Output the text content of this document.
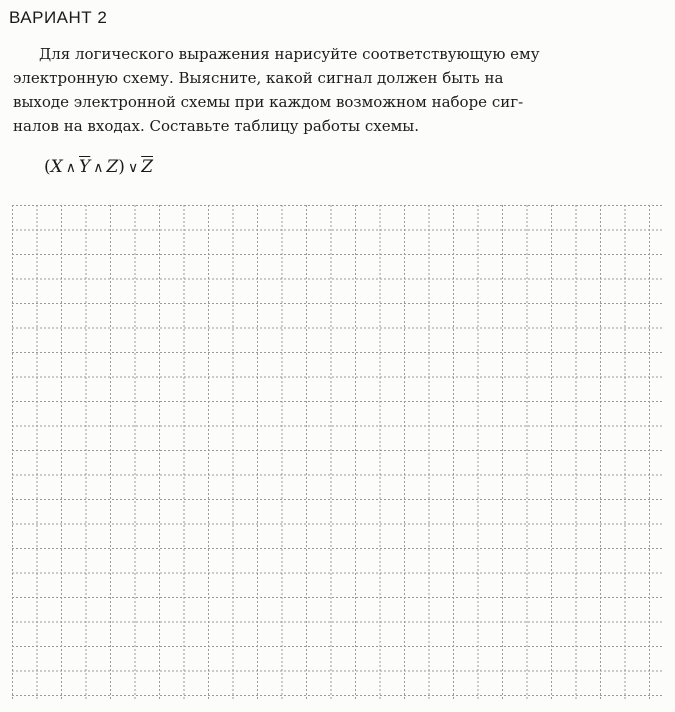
ВАРИАНТ 2
Для логического выражения нарисуйте соответствующую ему
электронную схему. Выясните, какой сигнал должен быть на
выходе электронной схемы при каждом возможном наборе сиг-
налов на входах. Составьте таблицу работы схемы.
(X ∧ $\overline{Y}$ ∧ Z) ∨ $\overline{Z}$
